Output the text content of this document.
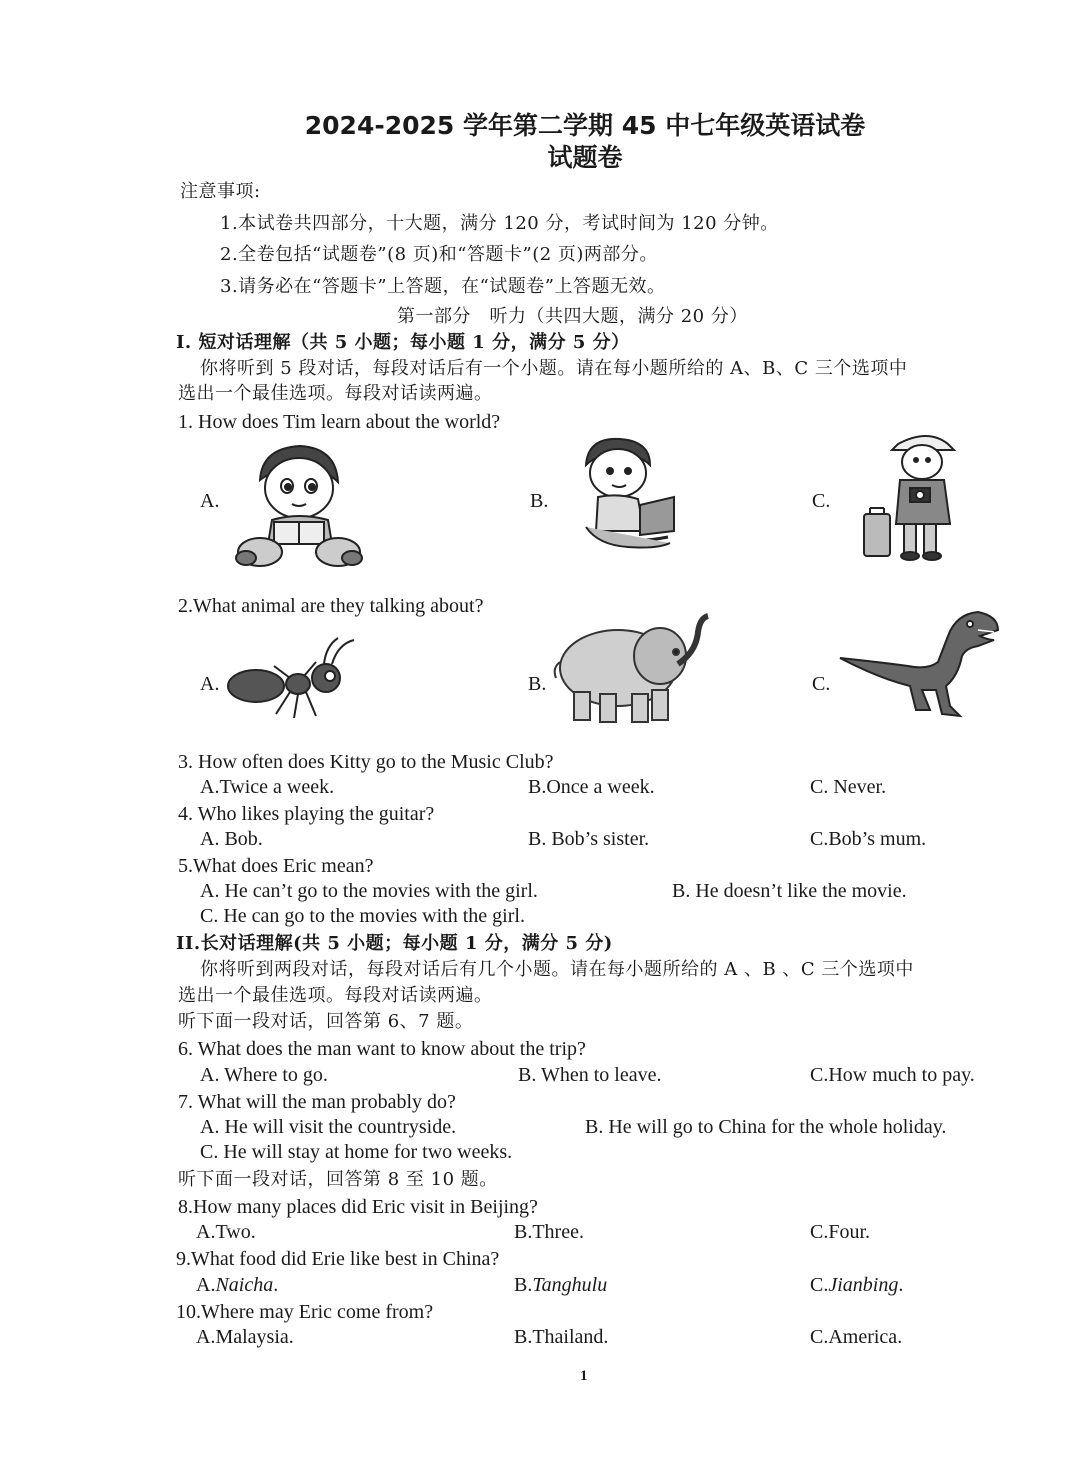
2024-2025 学年第二学期 45 中七年级英语试卷
试题卷
注意事项:
1.本试卷共四部分，十大题，满分 120 分，考试时间为 120 分钟。
2.全卷包括“试题卷”(8 页)和“答题卡”(2 页)两部分。
3.请务必在“答题卡”上答题，在“试题卷”上答题无效。
第一部分　听力（共四大题，满分 20 分）
I. 短对话理解（共 5 小题；每小题 1 分，满分 5 分）
你将听到 5 段对话，每段对话后有一个小题。请在每小题所给的 A、B、C 三个选项中
选出一个最佳选项。每段对话读两遍。
1. How does Tim learn about the world?
A.	B.	C.
2.What animal are they talking about?
A.	B.	C.
3. How often does Kitty go to the Music Club?
A.Twice a week.	B.Once a week.	C. Never.
4. Who likes playing the guitar?
A. Bob.	B. Bob’s sister.	C.Bob’s mum.
5.What does Eric mean?
A. He can’t go to the movies with the girl.	B. He doesn’t like the movie.
C. He can go to the movies with the girl.
II.长对话理解(共 5 小题；每小题 1 分，满分 5 分)
你将听到两段对话，每段对话后有几个小题。请在每小题所给的 A 、B 、C 三个选项中
选出一个最佳选项。每段对话读两遍。
听下面一段对话，回答第 6、7 题。
6. What does the man want to know about the trip?
A. Where to go.	B. When to leave.	C.How much to pay.
7. What will the man probably do?
A. He will visit the countryside.	B. He will go to China for the whole holiday.
C. He will stay at home for two weeks.
听下面一段对话，回答第 8 至 10 题。
8.How many places did Eric visit in Beijing?
A.Two.	B.Three.	C.Four.
9.What food did Erie like best in China?
A.Naicha.	B.Tanghulu	C.Jianbing.
10.Where may Eric come from?
A.Malaysia.	B.Thailand.	C.America.
1
